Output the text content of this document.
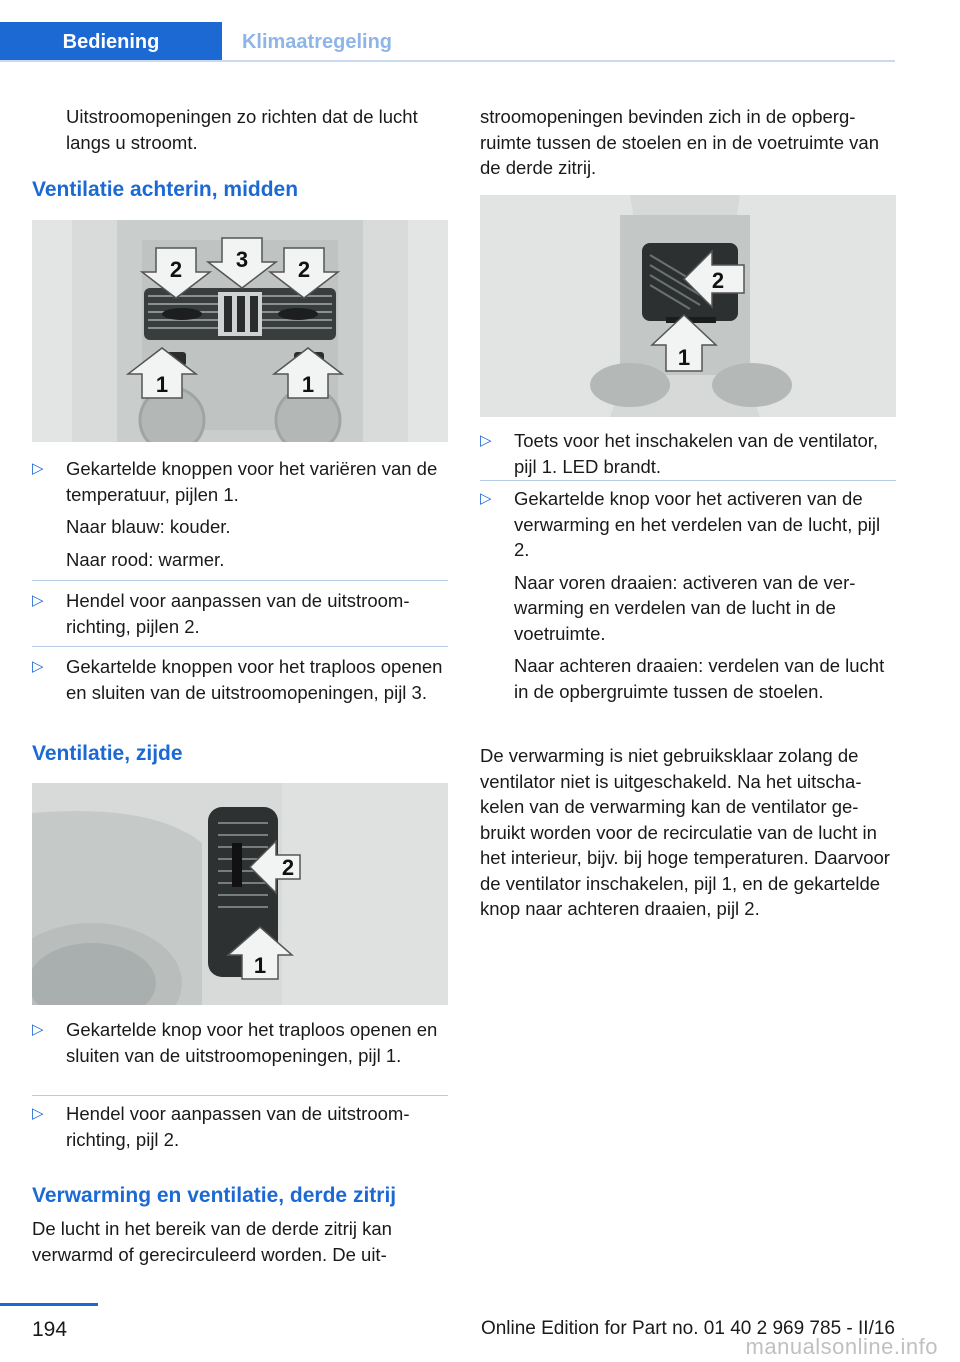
Bediening	Klimaatregeling

Uitstroomopeningen zo richten dat de lucht langs u stroomt.

Ventilatie achterin, midden
2 3 2
1	1
▷	Gekartelde knoppen voor het variëren van de temperatuur, pijlen 1.
Naar blauw: kouder.
Naar rood: warmer.
▷	Hendel voor aanpassen van de uitstroomrichting, pijlen 2.
▷	Gekartelde knoppen voor het traploos openen en sluiten van de uitstroomopeningen, pijl 3.
Ventilatie, zijde
2
1
▷	Gekartelde knop voor het traploos openen en sluiten van de uitstroomopeningen, pijl 1.
▷	Hendel voor aanpassen van de uitstroomrichting, pijl 2.
Verwarming en ventilatie, derde zitrij

De lucht in het bereik van de derde zitrij kan verwarmd of gerecirculeerd worden. De uit-

stroomopeningen bevinden zich in de opbergruimte tussen de stoelen en in de voetruimte van de derde zitrij.

2
1
▷	Toets voor het inschakelen van de ventilator, pijl 1. LED brandt.
▷	Gekartelde knop voor het activeren van de verwarming en het verdelen van de lucht, pijl 2.
Naar voren draaien: activeren van de verwarming en verdelen van de lucht in de voetruimte.
Naar achteren draaien: verdelen van de lucht in de opbergruimte tussen de stoelen.

De verwarming is niet gebruiksklaar zolang de ventilator niet is uitgeschakeld. Na het uitschakelen van de verwarming kan de ventilator gebruikt worden voor de recirculatie van de lucht in het interieur, bijv. bij hoge temperaturen. Daarvoor de ventilator inschakelen, pijl 1, en de gekartelde knop naar achteren draaien, pijl 2.

194	Online Edition for Part no. 01 40 2 969 785 - II/16
manualsonline.info
